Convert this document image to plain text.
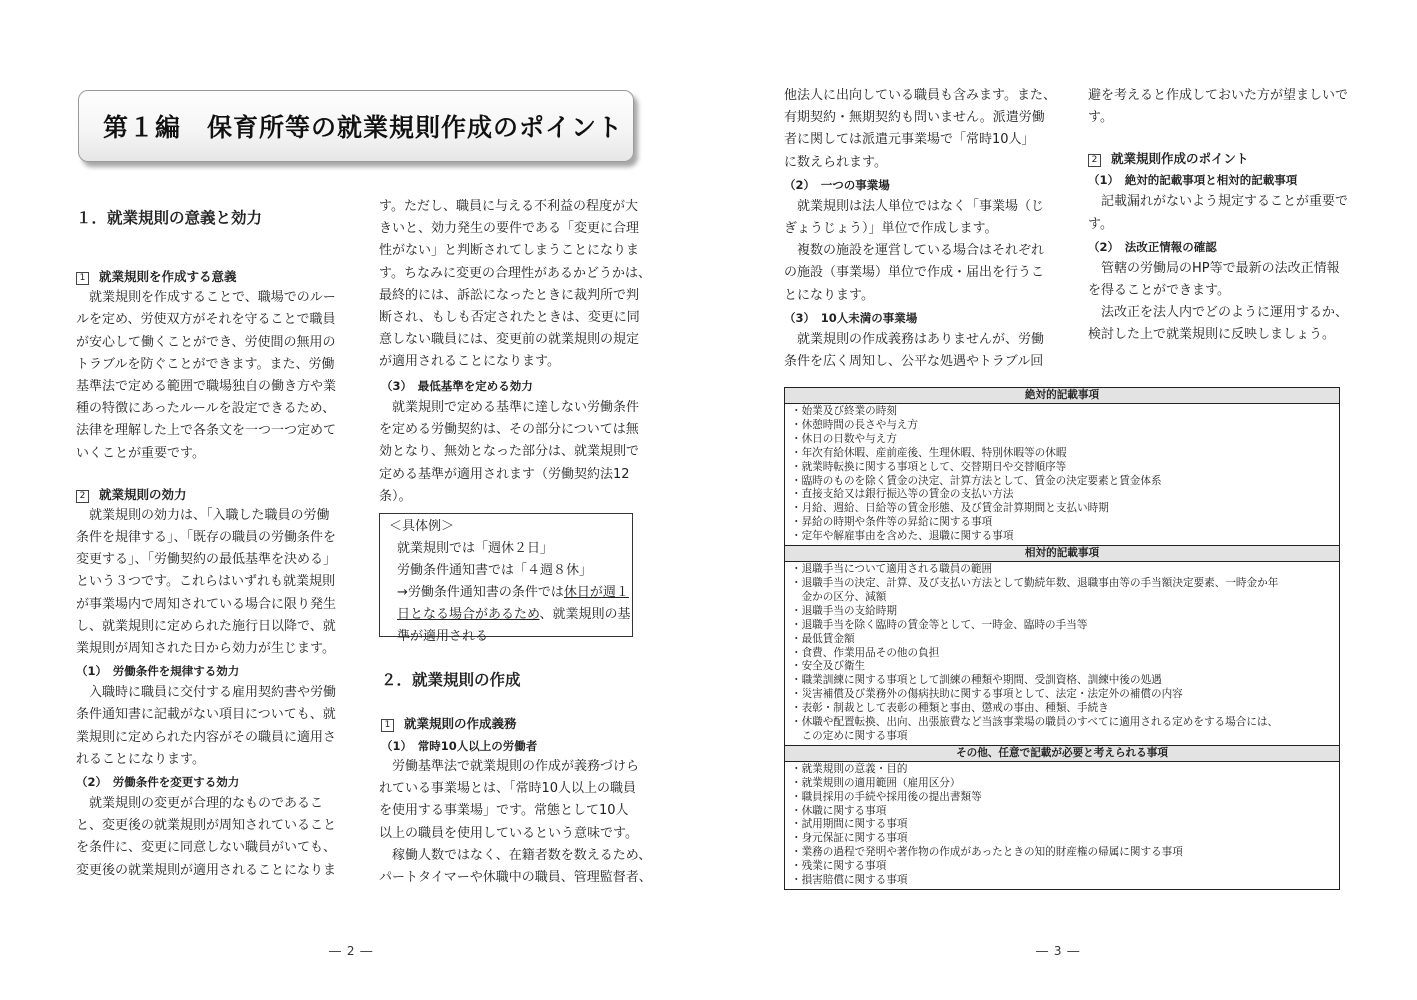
第１編　保育所等の就業規則作成のポイント
１．就業規則の意義と効力
1 就業規則を作成する意義
就業規則を作成することで、職場でのルー
ルを定め、労使双方がそれを守ることで職員
が安心して働くことができ、労使間の無用の
トラブルを防ぐことができます。また、労働
基準法で定める範囲で職場独自の働き方や業
種の特徴にあったルールを設定できるため、
法律を理解した上で各条文を一つ一つ定めて
いくことが重要です。
2 就業規則の効力
就業規則の効力は、「入職した職員の労働
条件を規律する」、「既存の職員の労働条件を
変更する」、「労働契約の最低基準を決める」
という３つです。これらはいずれも就業規則
が事業場内で周知されている場合に限り発生
し、就業規則に定められた施行日以降で、就
業規則が周知された日から効力が生じます。
（1）　労働条件を規律する効力
入職時に職員に交付する雇用契約書や労働
条件通知書に記載がない項目についても、就
業規則に定められた内容がその職員に適用さ
れることになります。
（2）　労働条件を変更する効力
就業規則の変更が合理的なものであるこ
と、変更後の就業規則が周知されていること
を条件に、変更に同意しない職員がいても、
変更後の就業規則が適用されることになりま
す。ただし、職員に与える不利益の程度が大
きいと、効力発生の要件である「変更に合理
性がない」と判断されてしまうことになりま
す。ちなみに変更の合理性があるかどうかは、
最終的には、訴訟になったときに裁判所で判
断され、もしも否定されたときは、変更に同
意しない職員には、変更前の就業規則の規定
が適用されることになります。
（3）　最低基準を定める効力
就業規則で定める基準に達しない労働条件
を定める労働契約は、その部分については無
効となり、無効となった部分は、就業規則で
定める基準が適用されます（労働契約法12
条）。

＜具体例＞

就業規則では「週休２日」

労働条件通知書では「４週８休」

→労働条件通知書の条件では休日が週１

日となる場合があるため、就業規則の基

準が適用される

２．就業規則の作成
1 就業規則の作成義務
（1）　常時10人以上の労働者
労働基準法で就業規則の作成が義務づけら
れている事業場とは、「常時10人以上の職員
を使用する事業場」です。常態として10人
以上の職員を使用しているという意味です。
稼働人数ではなく、在籍者数を数えるため、
パートタイマーや休職中の職員、管理監督者、
他法人に出向している職員も含みます。また、
有期契約・無期契約も問いません。派遣労働
者に関しては派遣元事業場で「常時10人」
に数えられます。
（2）　一つの事業場
就業規則は法人単位ではなく「事業場（じ
ぎょうじょう）」単位で作成します。
複数の施設を運営している場合はそれぞれ
の施設（事業場）単位で作成・届出を行うこ
とになります。
（3）　10人未満の事業場
就業規則の作成義務はありませんが、労働
条件を広く周知し、公平な処遇やトラブル回
避を考えると作成しておいた方が望ましいで
す。
2 就業規則作成のポイント
（1）　絶対的記載事項と相対的記載事項
記載漏れがないよう規定することが重要で
す。
（2）　法改正情報の確認
管轄の労働局のHP等で最新の法改正情報
を得ることができます。
法改正を法人内でどのように運用するか、
検討した上で就業規則に反映しましょう。
絶対的記載事項
・始業及び終業の時刻
・休憩時間の長さや与え方
・休日の日数や与え方
・年次有給休暇、産前産後、生理休暇、特別休暇等の休暇
・就業時転換に関する事項として、交替期日や交替順序等
・臨時のものを除く賃金の決定、計算方法として、賃金の決定要素と賃金体系
・直接支給又は銀行振込等の賃金の支払い方法
・月給、週給、日給等の賃金形態、及び賃金計算期間と支払い時期
・昇給の時期や条件等の昇給に関する事項
・定年や解雇事由を含めた、退職に関する事項
相対的記載事項
・退職手当について適用される職員の範囲
・退職手当の決定、計算、及び支払い方法として勤続年数、退職事由等の手当額決定要素、一時金か年
　金かの区分、減額
・退職手当の支給時期
・退職手当を除く臨時の賃金等として、一時金、臨時の手当等
・最低賃金額
・食費、作業用品その他の負担
・安全及び衛生
・職業訓練に関する事項として訓練の種類や期間、受訓資格、訓練中後の処遇
・災害補償及び業務外の傷病扶助に関する事項として、法定・法定外の補償の内容
・表彰・制裁として表彰の種類と事由、懲戒の事由、種類、手続き
・休職や配置転換、出向、出張旅費など当該事業場の職員のすべてに適用される定めをする場合には、
　この定めに関する事項
その他、任意で記載が必要と考えられる事項
・就業規則の意義・目的
・就業規則の適用範囲（雇用区分）
・職員採用の手続や採用後の提出書類等
・休職に関する事項
・試用期間に関する事項
・身元保証に関する事項
・業務の過程で発明や著作物の作成があったときの知的財産権の帰属に関する事項
・残業に関する事項
・損害賠償に関する事項
― 2 ―	― 3 ―
